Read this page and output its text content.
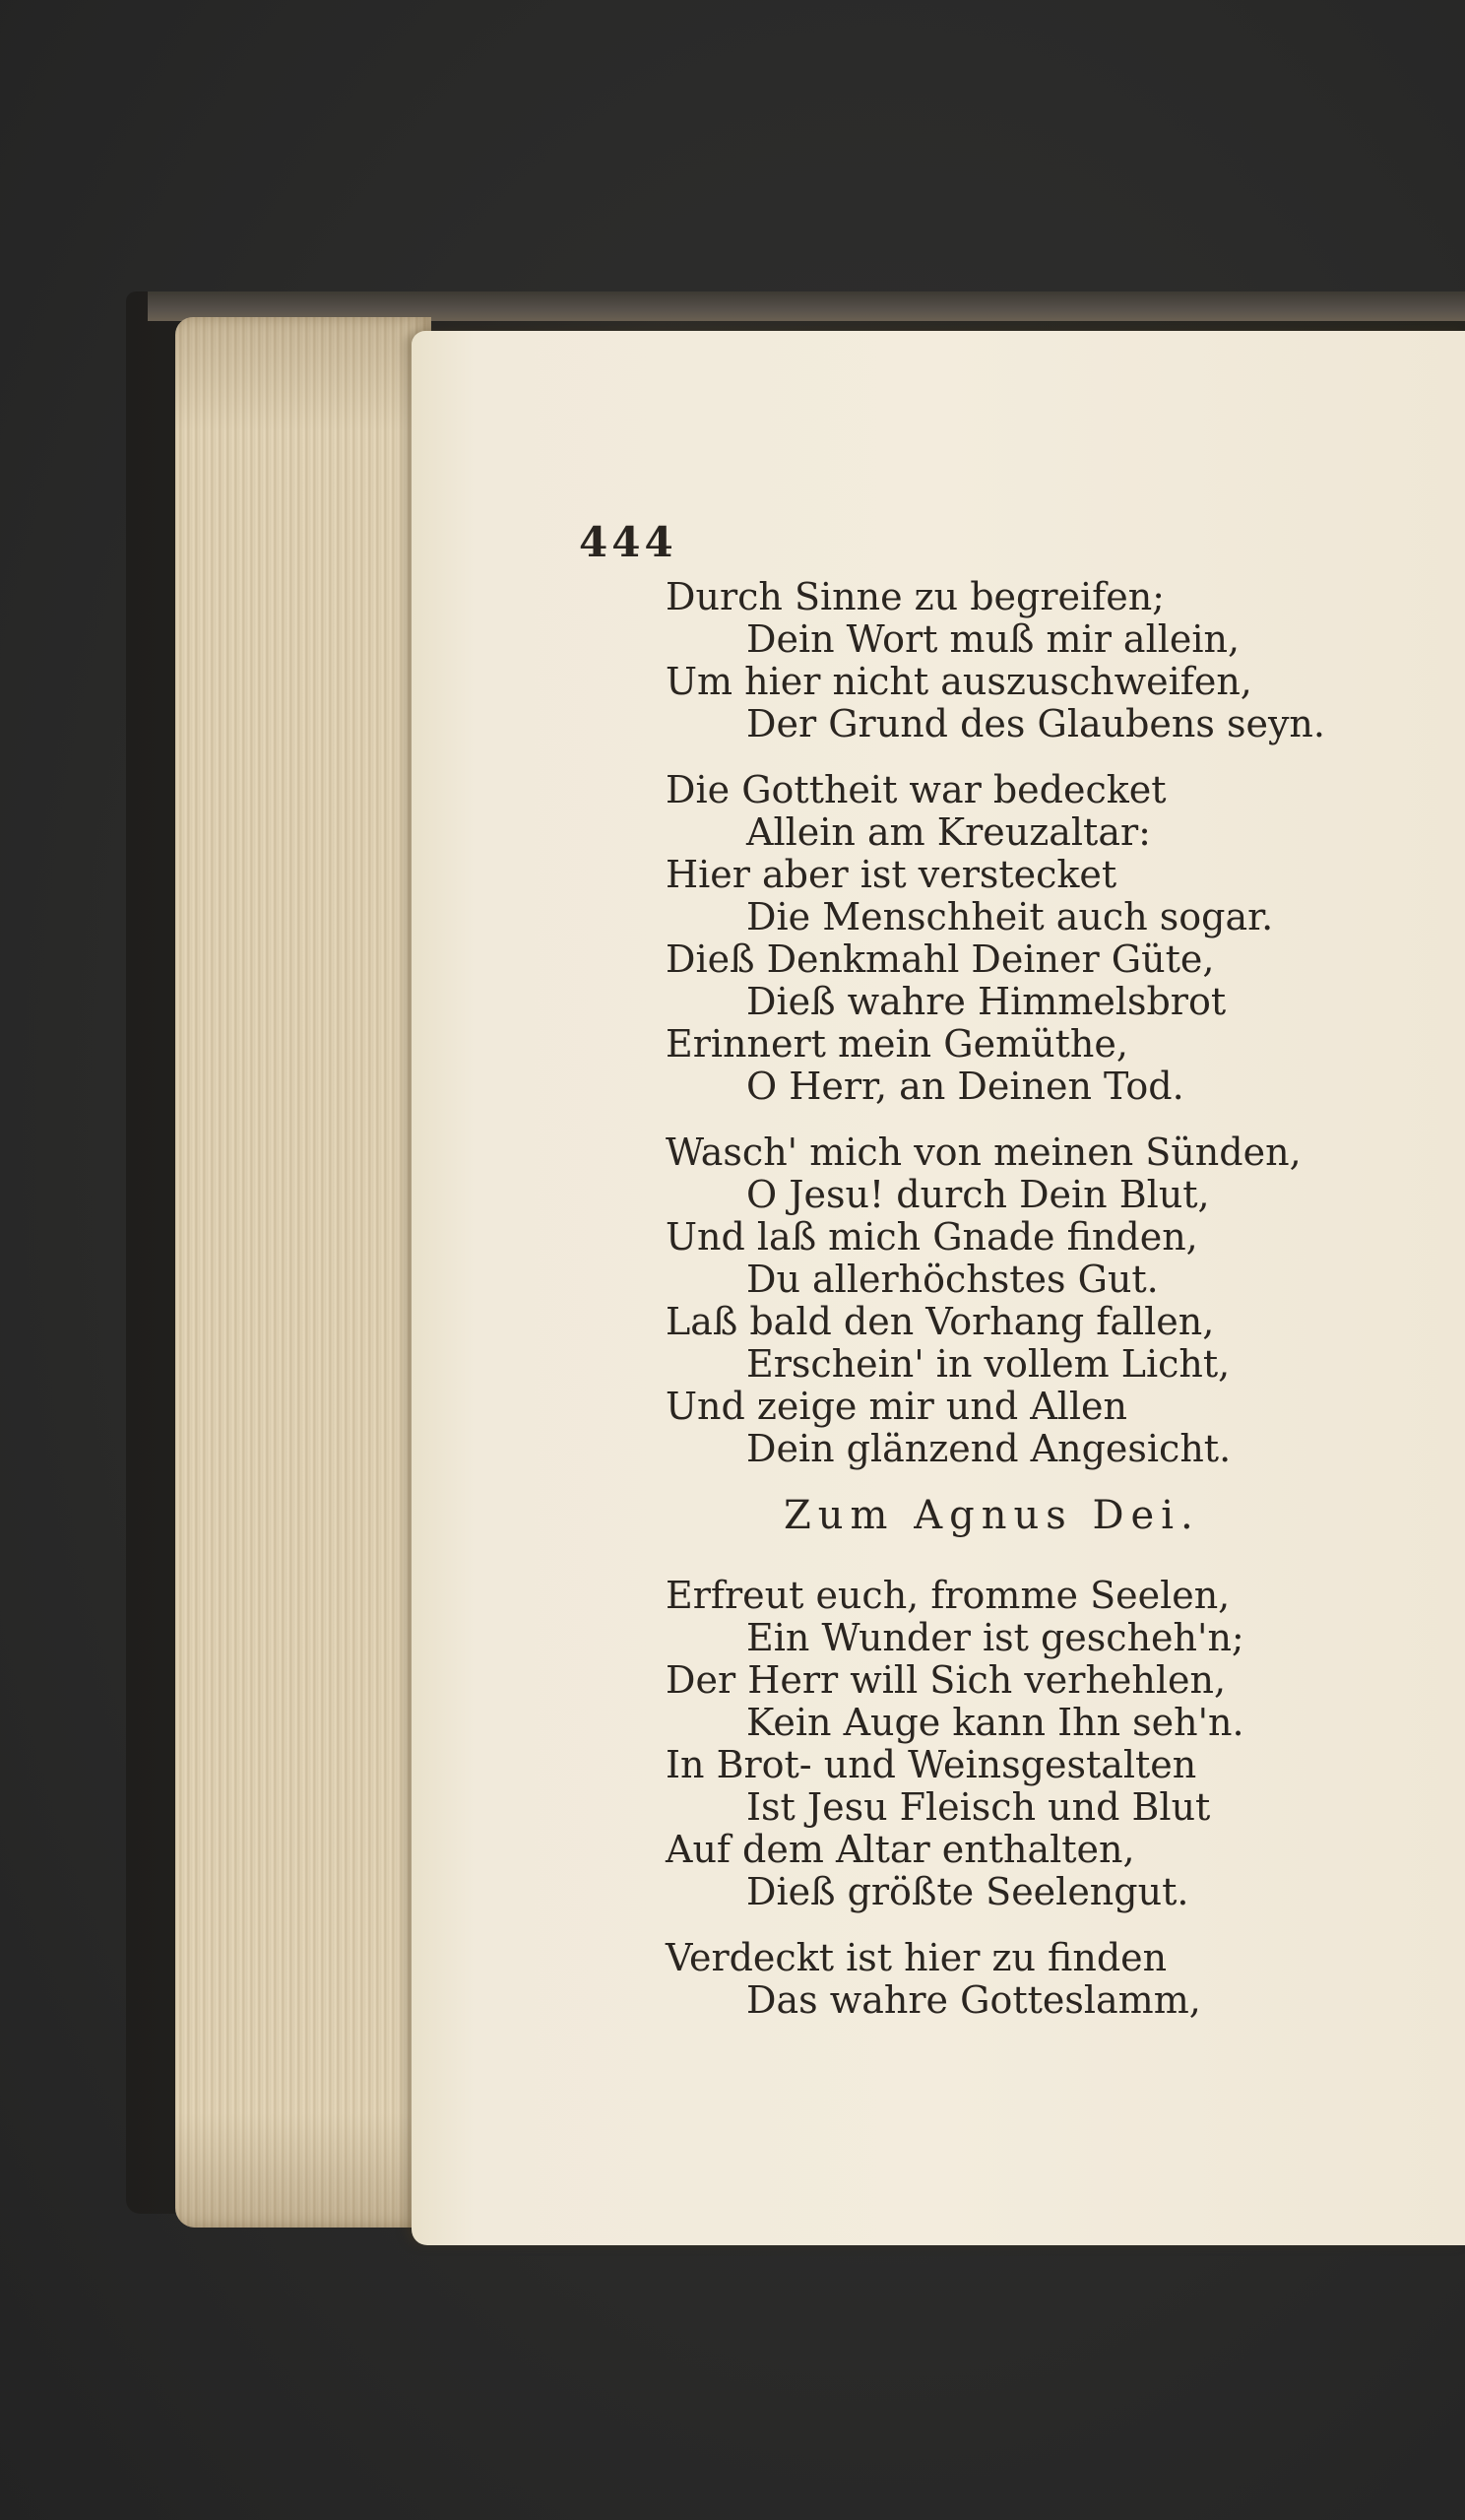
444
Durch Sinne zu begreifen;
Dein Wort muß mir allein,
Um hier nicht auszuschweifen,
Der Grund des Glaubens seyn.
Die Gottheit war bedecket
Allein am Kreuzaltar:
Hier aber ist verstecket
Die Menschheit auch sogar.
Dieß Denkmahl Deiner Güte,
Dieß wahre Himmelsbrot
Erinnert mein Gemüthe,
O Herr, an Deinen Tod.
Wasch' mich von meinen Sünden,
O Jesu! durch Dein Blut,
Und laß mich Gnade finden,
Du allerhöchstes Gut.
Laß bald den Vorhang fallen,
Erschein' in vollem Licht,
Und zeige mir und Allen
Dein glänzend Angesicht.
Zum Agnus Dei.
Erfreut euch, fromme Seelen,
Ein Wunder ist gescheh'n;
Der Herr will Sich verhehlen,
Kein Auge kann Ihn seh'n.
In Brot- und Weinsgestalten
Ist Jesu Fleisch und Blut
Auf dem Altar enthalten,
Dieß größte Seelengut.
Verdeckt ist hier zu finden
Das wahre Gotteslamm,
